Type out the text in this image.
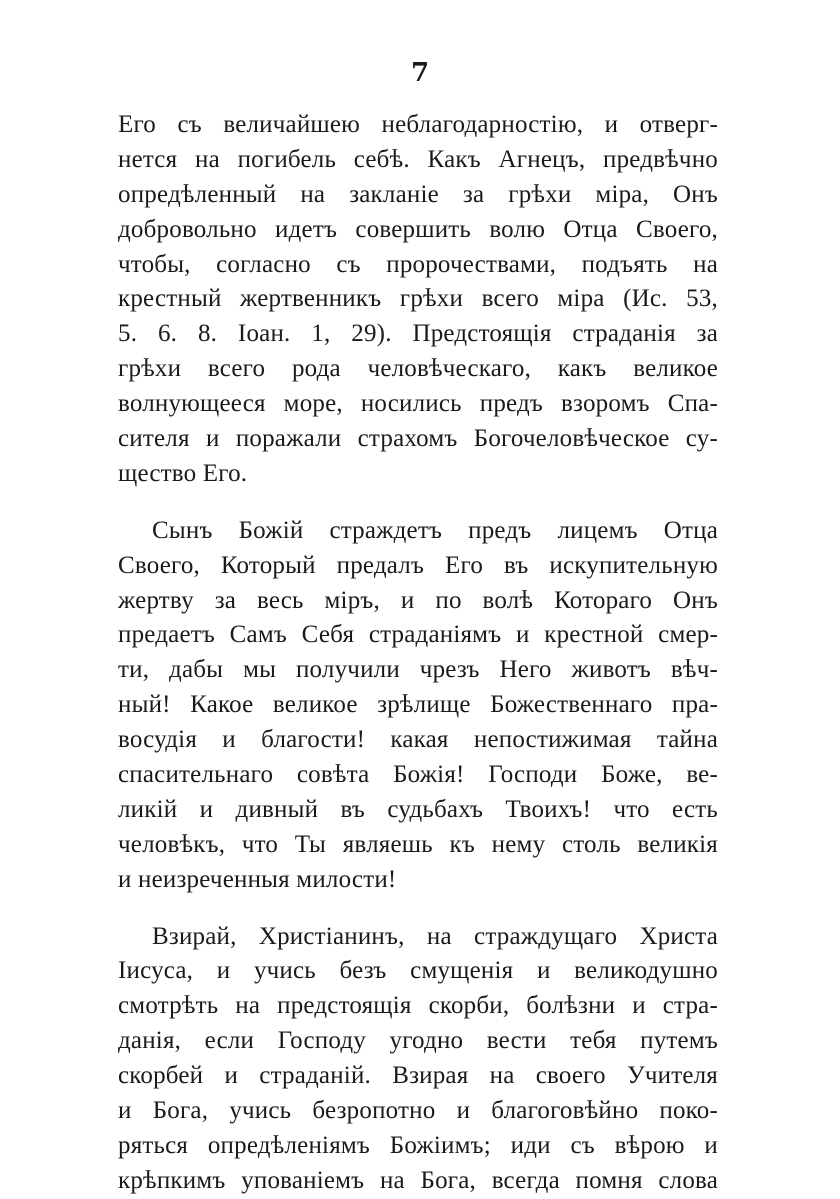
7
Его съ величайшею неблагодарностію, и отверг-
нется на погибель себѣ. Какъ Агнецъ, предвѣчно
опредѣленный на закланіе за грѣхи міра, Онъ
добровольно идетъ совершить волю Отца Своего,
чтобы, согласно съ пророчествами, подъять на
крестный жертвенникъ грѣхи всего міра (Ис. 53,
5. 6. 8. Іоан. 1, 29). Предстоящія страданія за
грѣхи всего рода человѣческаго, какъ великое
волнующееся море, носились предъ взоромъ Спа-
сителя и поражали страхомъ Богочеловѣческое су-
щество Его.
Сынъ Божій страждетъ предъ лицемъ Отца
Своего, Который предалъ Его въ искупительную
жертву за весь міръ, и по волѣ Котораго Онъ
предаетъ Самъ Себя страданіямъ и крестной смер-
ти, дабы мы получили чрезъ Него животъ вѣч-
ный! Какое великое зрѣлище Божественнаго пра-
восудія и благости! какая непостижимая тайна
спасительнаго совѣта Божія! Господи Боже, ве-
ликій и дивный въ судьбахъ Твоихъ! что есть
человѣкъ, что Ты являешь къ нему столь великія
и неизреченныя милости!
Взирай, Христіанинъ, на страждущаго Христа
Іисуса, и учись безъ смущенія и великодушно
смотрѣть на предстоящія скорби, болѣзни и стра-
данія, если Господу угодно вести тебя путемъ
скорбей и страданій. Взирая на своего Учителя
и Бога, учись безропотно и благоговѣйно поко-
ряться опредѣленіямъ Божіимъ; иди съ вѣрою и
крѣпкимъ упованіемъ на Бога, всегда помня слова
